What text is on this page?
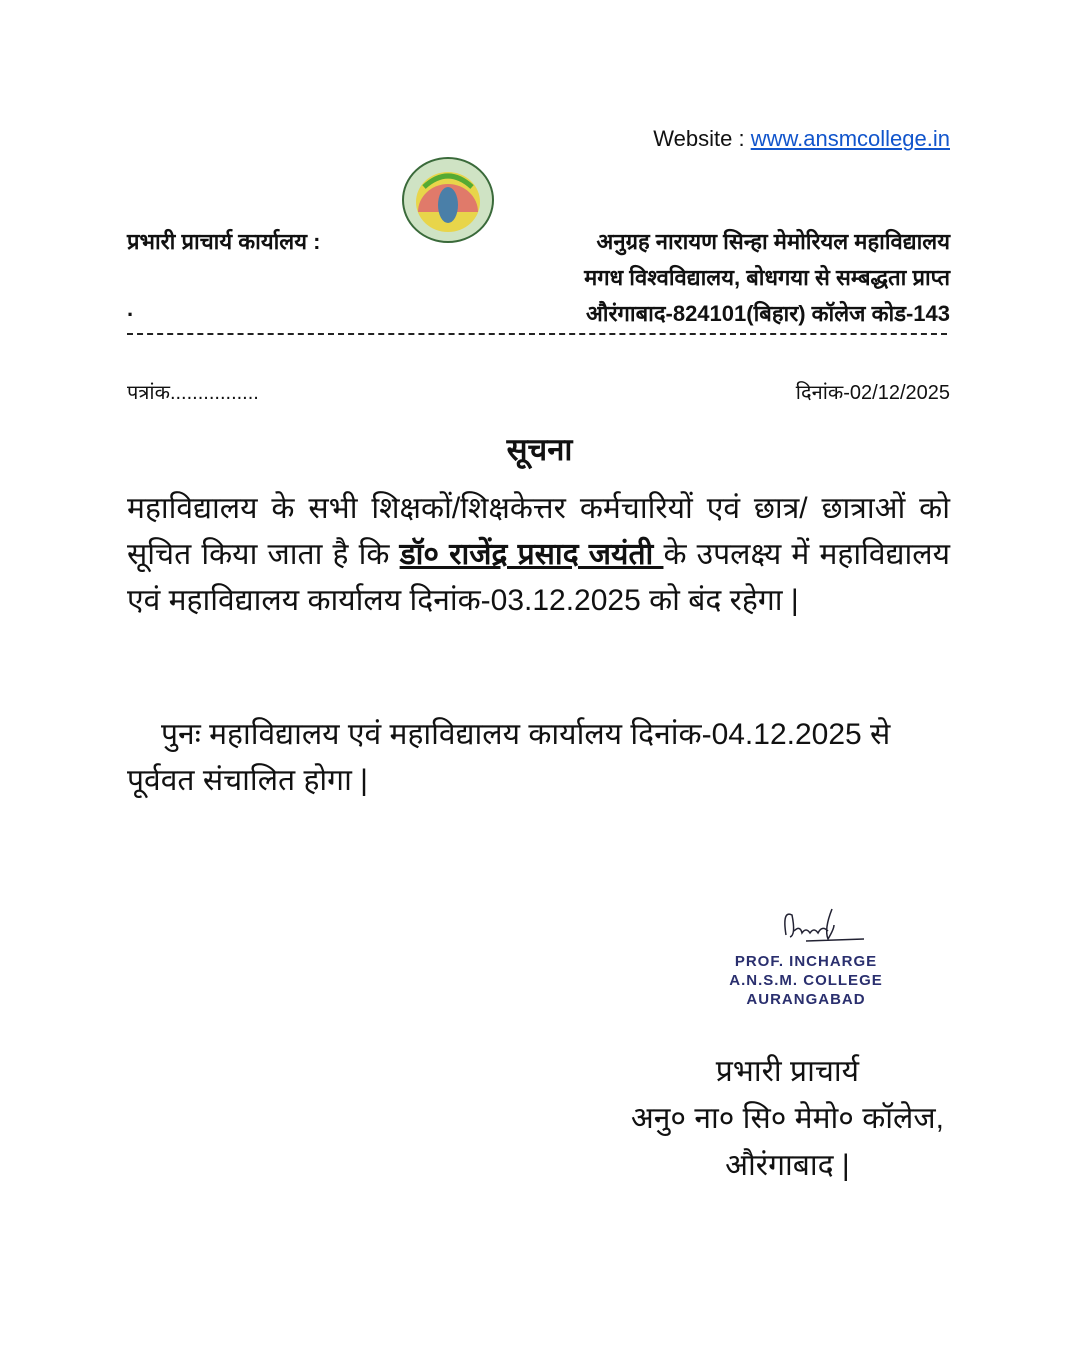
Website : www.ansmcollege.in
प्रभारी प्राचार्य कार्यालय :
.
अनुग्रह नारायण सिन्हा मेमोरियल महाविद्यालय
मगध विश्वविद्यालय, बोधगया से सम्बद्धता प्राप्त
औरंगाबाद-824101(बिहार) कॉलेज कोड-143
पत्रांक................	दिनांक-02/12/2025
सूचना
महाविद्यालय के सभी शिक्षकों/शिक्षकेत्तर कर्मचारियों एवं छात्र/ छात्राओं को सूचित किया जाता है कि डॉ० राजेंद्र प्रसाद जयंती के उपलक्ष्य में महाविद्यालय एवं महाविद्यालय कार्यालय दिनांक-03.12.2025 को बंद रहेगा |
पुनः महाविद्यालय एवं महाविद्यालय कार्यालय दिनांक-04.12.2025 से पूर्ववत संचालित होगा |
PROF. INCHARGE
A.N.S.M. COLLEGE
AURANGABAD
प्रभारी प्राचार्य
अनु० ना० सि० मेमो० कॉलेज,
औरंगाबाद |
